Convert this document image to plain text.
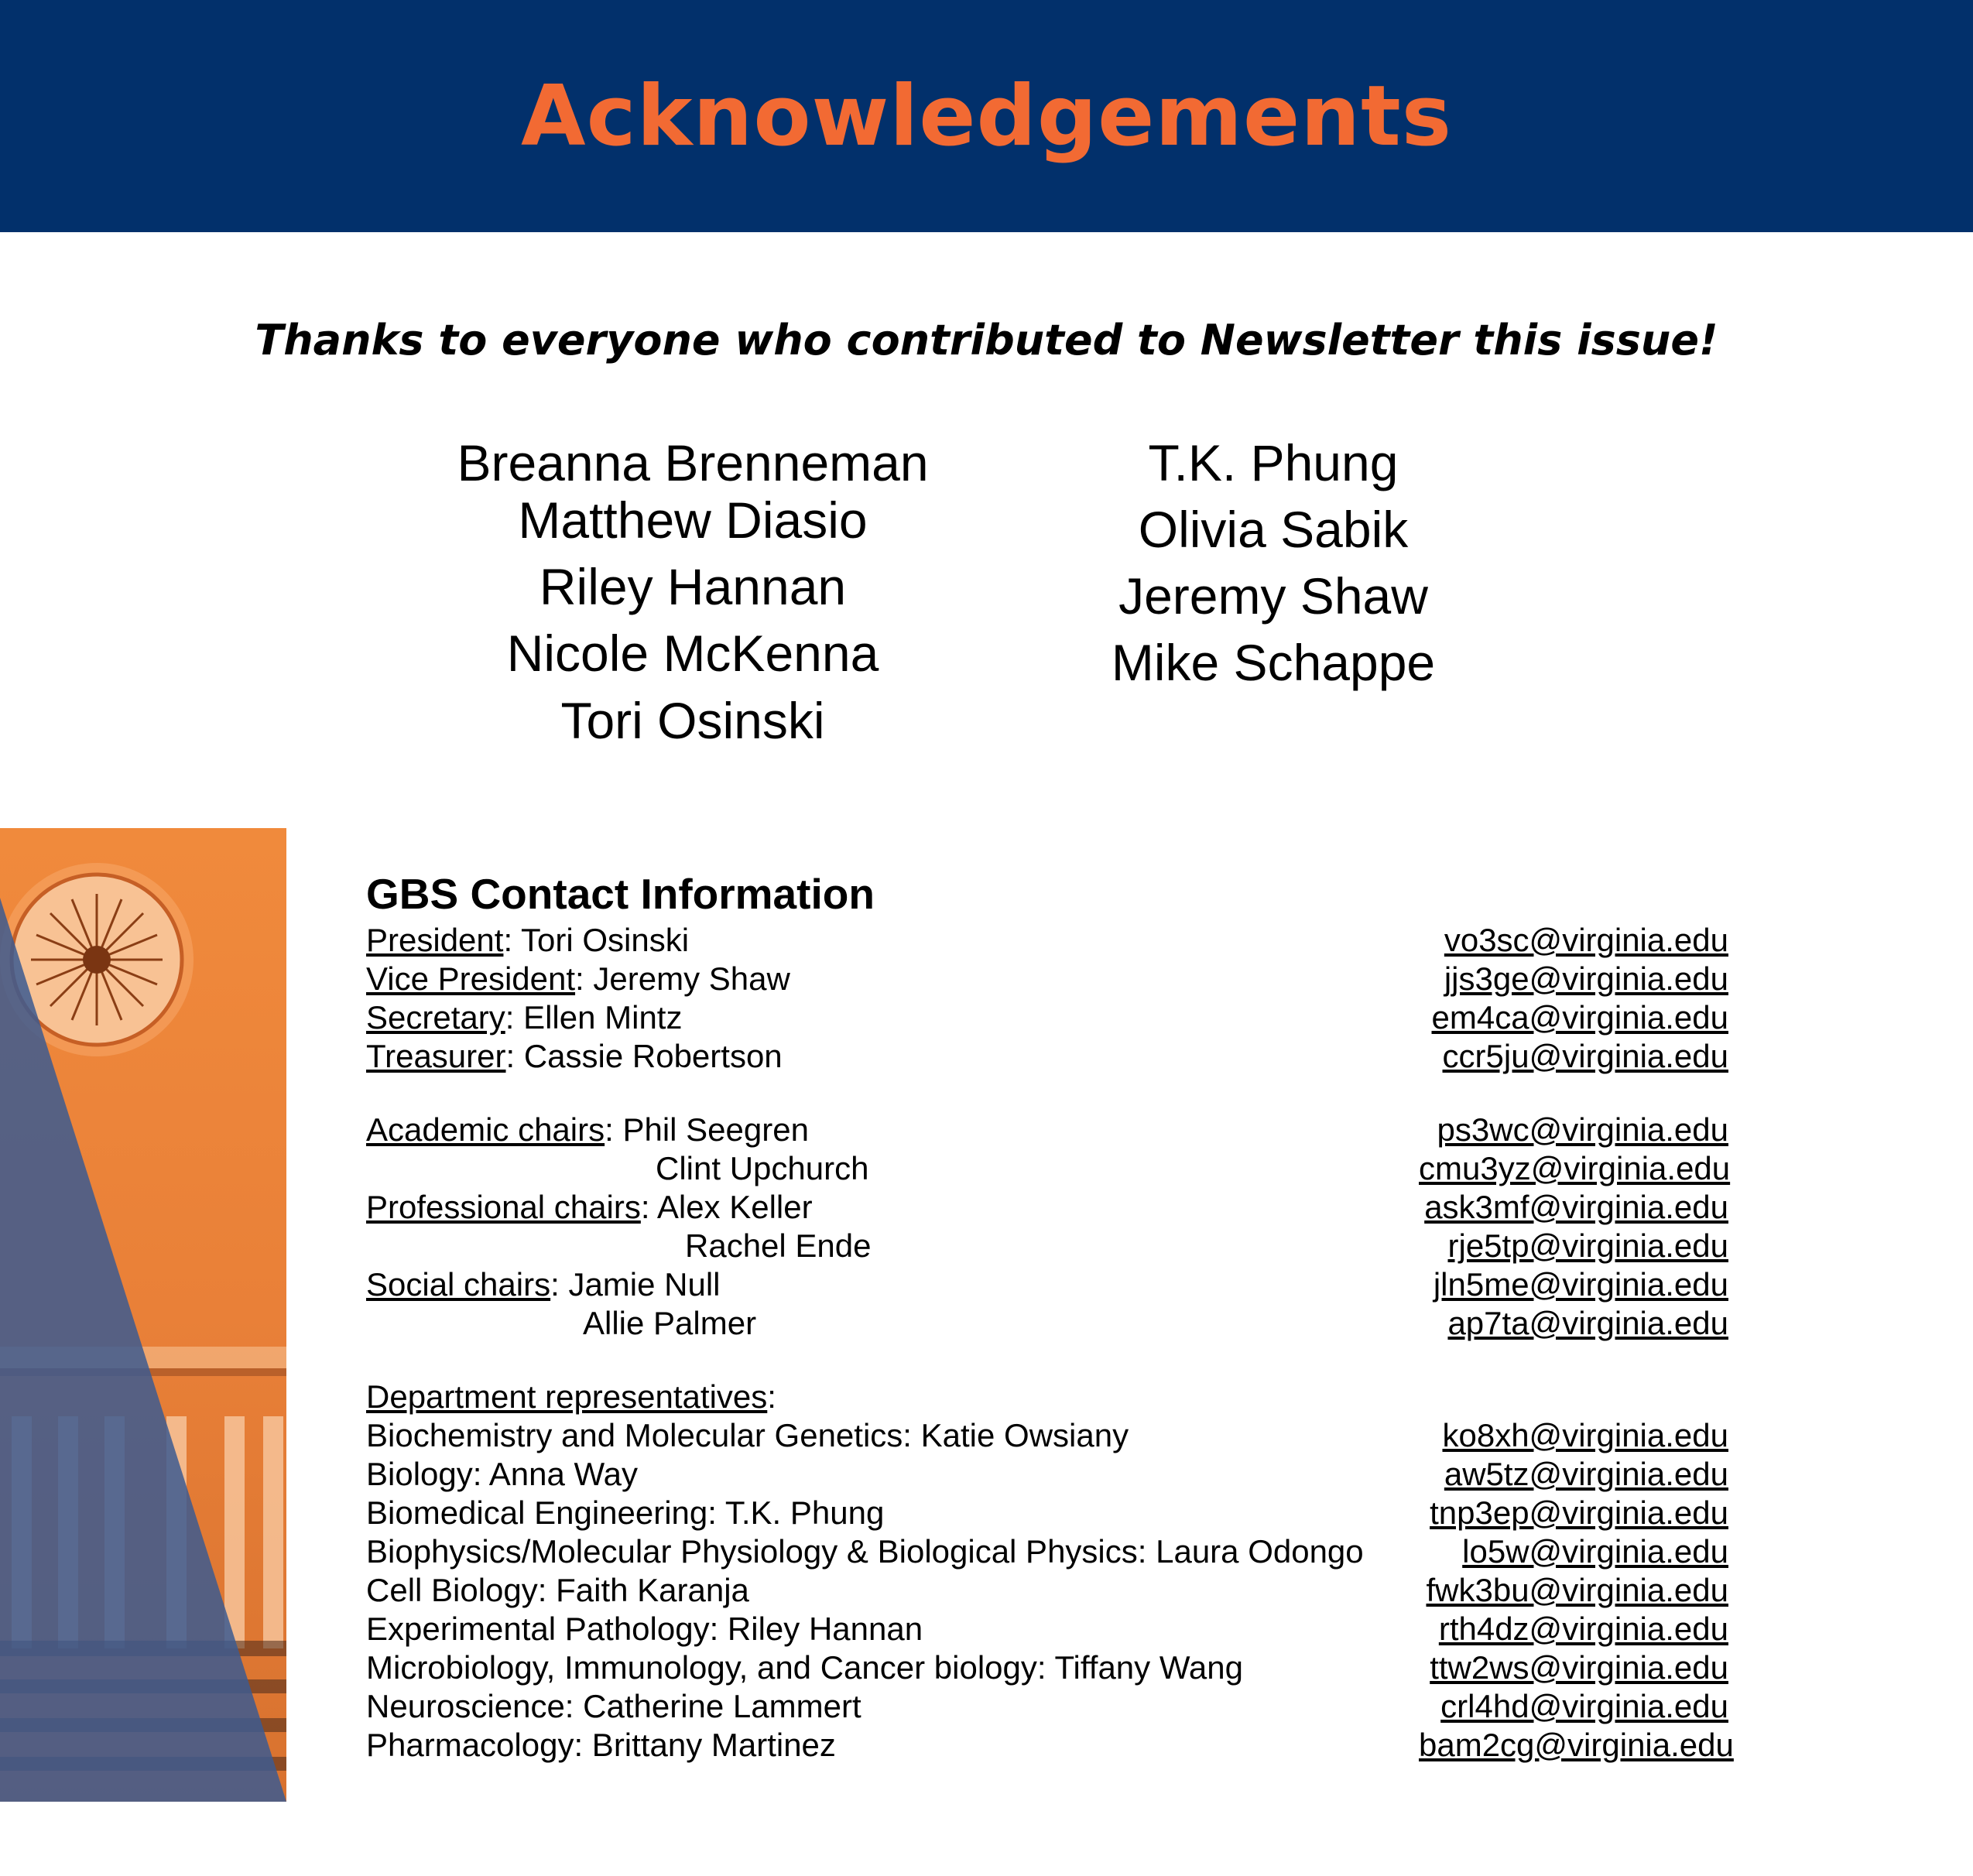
Acknowledgements
Thanks to everyone who contributed to Newsletter this issue!
Breanna Brenneman
Matthew Diasio
Riley Hannan
Nicole McKenna
Tori Osinski
T.K. Phung
Olivia Sabik
Jeremy Shaw
Mike Schappe
GBS Contact Information
President: Tori Osinski	vo3sc@virginia.edu
Vice President: Jeremy Shaw	jjs3ge@virginia.edu
Secretary: Ellen Mintz	em4ca@virginia.edu
Treasurer: Cassie Robertson	ccr5ju@virginia.edu
Academic chairs: Phil Seegren	ps3wc@virginia.edu
Clint Upchurch	cmu3yz@virginia.edu
Professional chairs: Alex Keller	ask3mf@virginia.edu
Rachel Ende	rje5tp@virginia.edu
Social chairs: Jamie Null	jln5me@virginia.edu
Allie Palmer	ap7ta@virginia.edu
Department representatives:
Biochemistry and Molecular Genetics: Katie Owsiany	ko8xh@virginia.edu
Biology: Anna Way	aw5tz@virginia.edu
Biomedical Engineering: T.K. Phung	tnp3ep@virginia.edu
Biophysics/Molecular Physiology & Biological Physics: Laura Odongo	lo5w@virginia.edu
Cell Biology: Faith Karanja	fwk3bu@virginia.edu
Experimental Pathology: Riley Hannan	rth4dz@virginia.edu
Microbiology, Immunology, and Cancer biology: Tiffany Wang	ttw2ws@virginia.edu
Neuroscience: Catherine Lammert	crl4hd@virginia.edu
Pharmacology: Brittany Martinez	bam2cg@virginia.edu
